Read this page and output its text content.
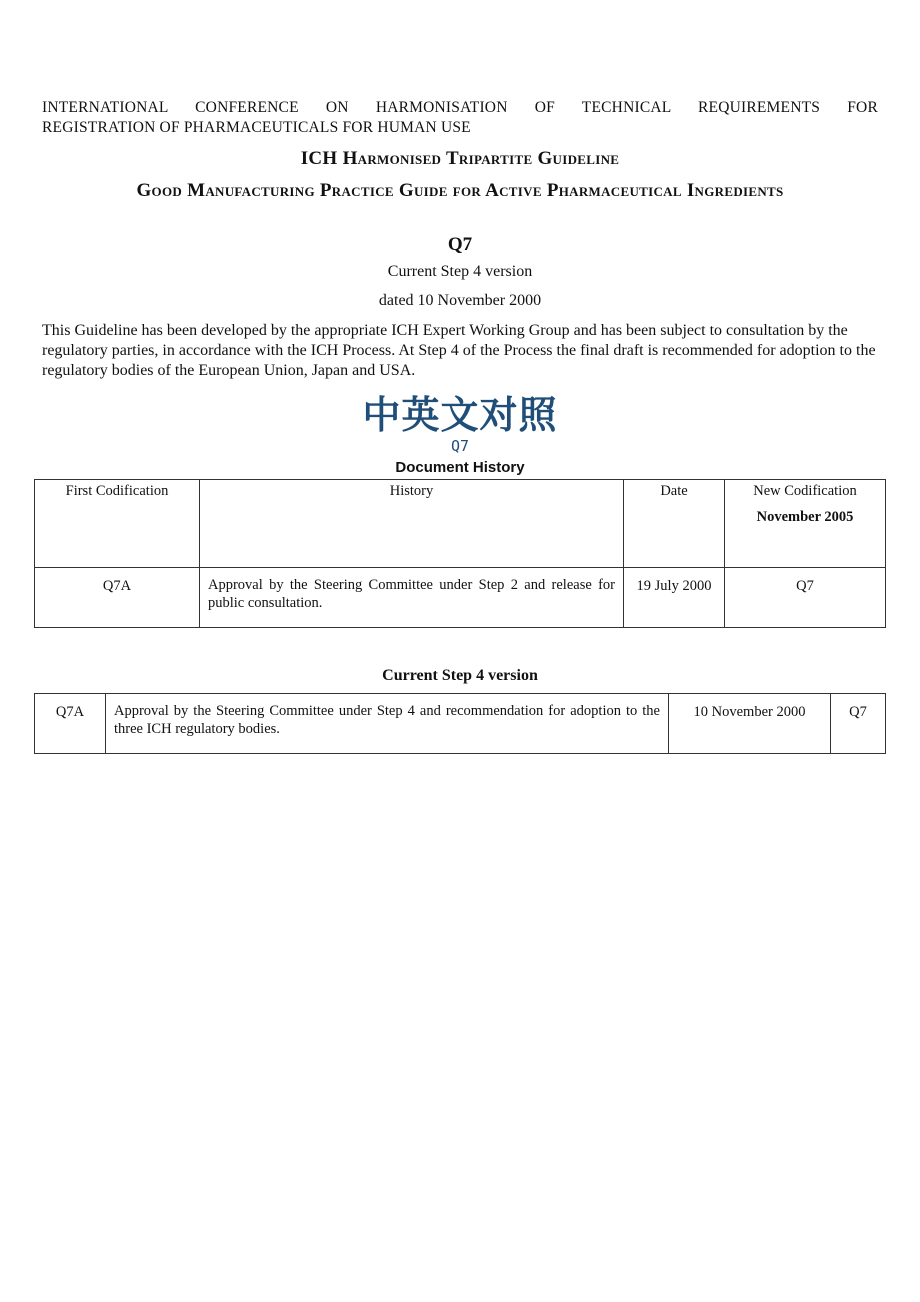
INTERNATIONAL CONFERENCE ON HARMONISATION OF TECHNICAL REQUIREMENTS FOR
REGISTRATION OF PHARMACEUTICALS FOR HUMAN USE
ICH Harmonised Tripartite Guideline
Good Manufacturing Practice Guide for Active Pharmaceutical Ingredients
Q7
Current Step 4 version
dated 10 November 2000
This Guideline has been developed by the appropriate ICH Expert Working Group and has been subject to consultation by the regulatory parties, in accordance with the ICH Process. At Step 4 of the Process the final draft is recommended for adoption to the regulatory bodies of the European Union, Japan and USA.
中英文对照
Q7
Document History
First Codification	History	Date	New Codification
November 2005

Q7A	Approval by the Steering Committee under Step 2 and release for public consultation.	19 July 2000	Q7
Current Step 4 version
Q7A	Approval by the Steering Committee under Step 4 and recommendation for adoption to the three ICH regulatory bodies.	10 November 2000	Q7
